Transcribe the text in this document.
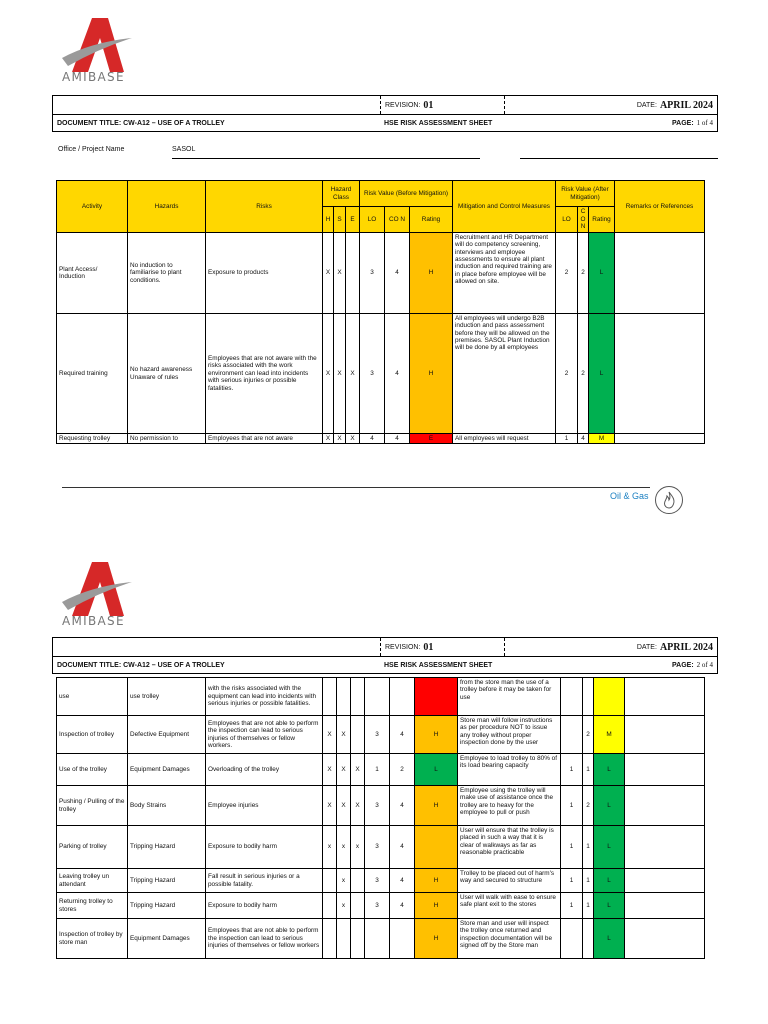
AMIBASE
REVISION: 01	DATE: APRIL 2024
DOCUMENT TITLE: CW-A12 – USE OF A TROLLEY	HSE RISK ASSESSMENT SHEET	PAGE: 1 of 4
Office / Project Name	SASOL
Activity	Hazards	Risks	Hazard Class			Risk Value (Before Mitigation)			Mitigation and Control Measures	Risk Value (After Mitigation)			Remarks or References
			H	S	E	LO	CO N	Rating		LO	C O N	Rating	
Plant Access/ Induction	No induction to familiarise to plant conditions.	Exposure to products	X	X		3	4	H	Recruitment and HR Department will do competency screening, interviews and employee assessments to ensure all plant induction and required training are in place before employee will be allowed on site.	2	2	L	
Required training	No hazard awareness Unaware of rules	Employees that are not aware with the risks associated with the work environment can lead into incidents with serious injuries or possible fatalities.	X	X	X	3	4	H	All employees will undergo B2B induction and pass assessment before they will be allowed on the premises. SASOL Plant Induction will be done by all employees	2	2	L	
Requesting trolley	No permission to	Employees that are not aware	X	X	X	4	4	E	All employees will request	1	4	M	
Oil & Gas
AMIBASE
REVISION: 01	DATE: APRIL 2024
DOCUMENT TITLE: CW-A12 – USE OF A TROLLEY	HSE RISK ASSESSMENT SHEET	PAGE: 2 of 4
use	use trolley	with the risks associated with the equipment can lead into incidents with serious injuries or possible fatalities.							from the store man the use of a trolley before it may be taken for use				
Inspection of trolley	Defective Equipment	Employees that are not able to perform the inspection can lead to serious injuries of themselves or fellow workers.	X	X		3	4	H	Store man will follow instructions as per procedure NOT to issue any trolley without proper inspection done by the user		2	M	
Use of the trolley	Equipment Damages	Overloading of the trolley	X	X	X	1	2	L	Employee to load trolley to 80% of its load bearing capacity	1	1	L	
Pushing / Pulling of the trolley	Body Strains	Employee injuries	X	X	X	3	4	H	Employee using the trolley will make use of assistance once the trolley are to heavy for the employee to pull or push	1	2	L	
Parking of trolley	Tripping Hazard	Exposure to bodily harm	x	x	x	3	4		User will ensure that the trolley is placed in such a way that it is clear of walkways as far as reasonable practicable	1	1	L	
Leaving trolley un attendant	Tripping Hazard	Fall result in serious injuries or a possible fatality.		x		3	4	H	Trolley to be placed out of harm's way and secured to structure	1	1	L	
Returning trolley to stores	Tripping Hazard	Exposure to bodily harm		x		3	4	H	User will walk with ease to ensure safe plant exit to the stores	1	1	L	
Inspection of trolley by store man	Equipment Damages	Employees that are not able to perform the inspection can lead to serious injuries of themselves or fellow workers						H	Store man and user will inspect the trolley once returned and inspection documentation will be signed off by the Store man			L	
